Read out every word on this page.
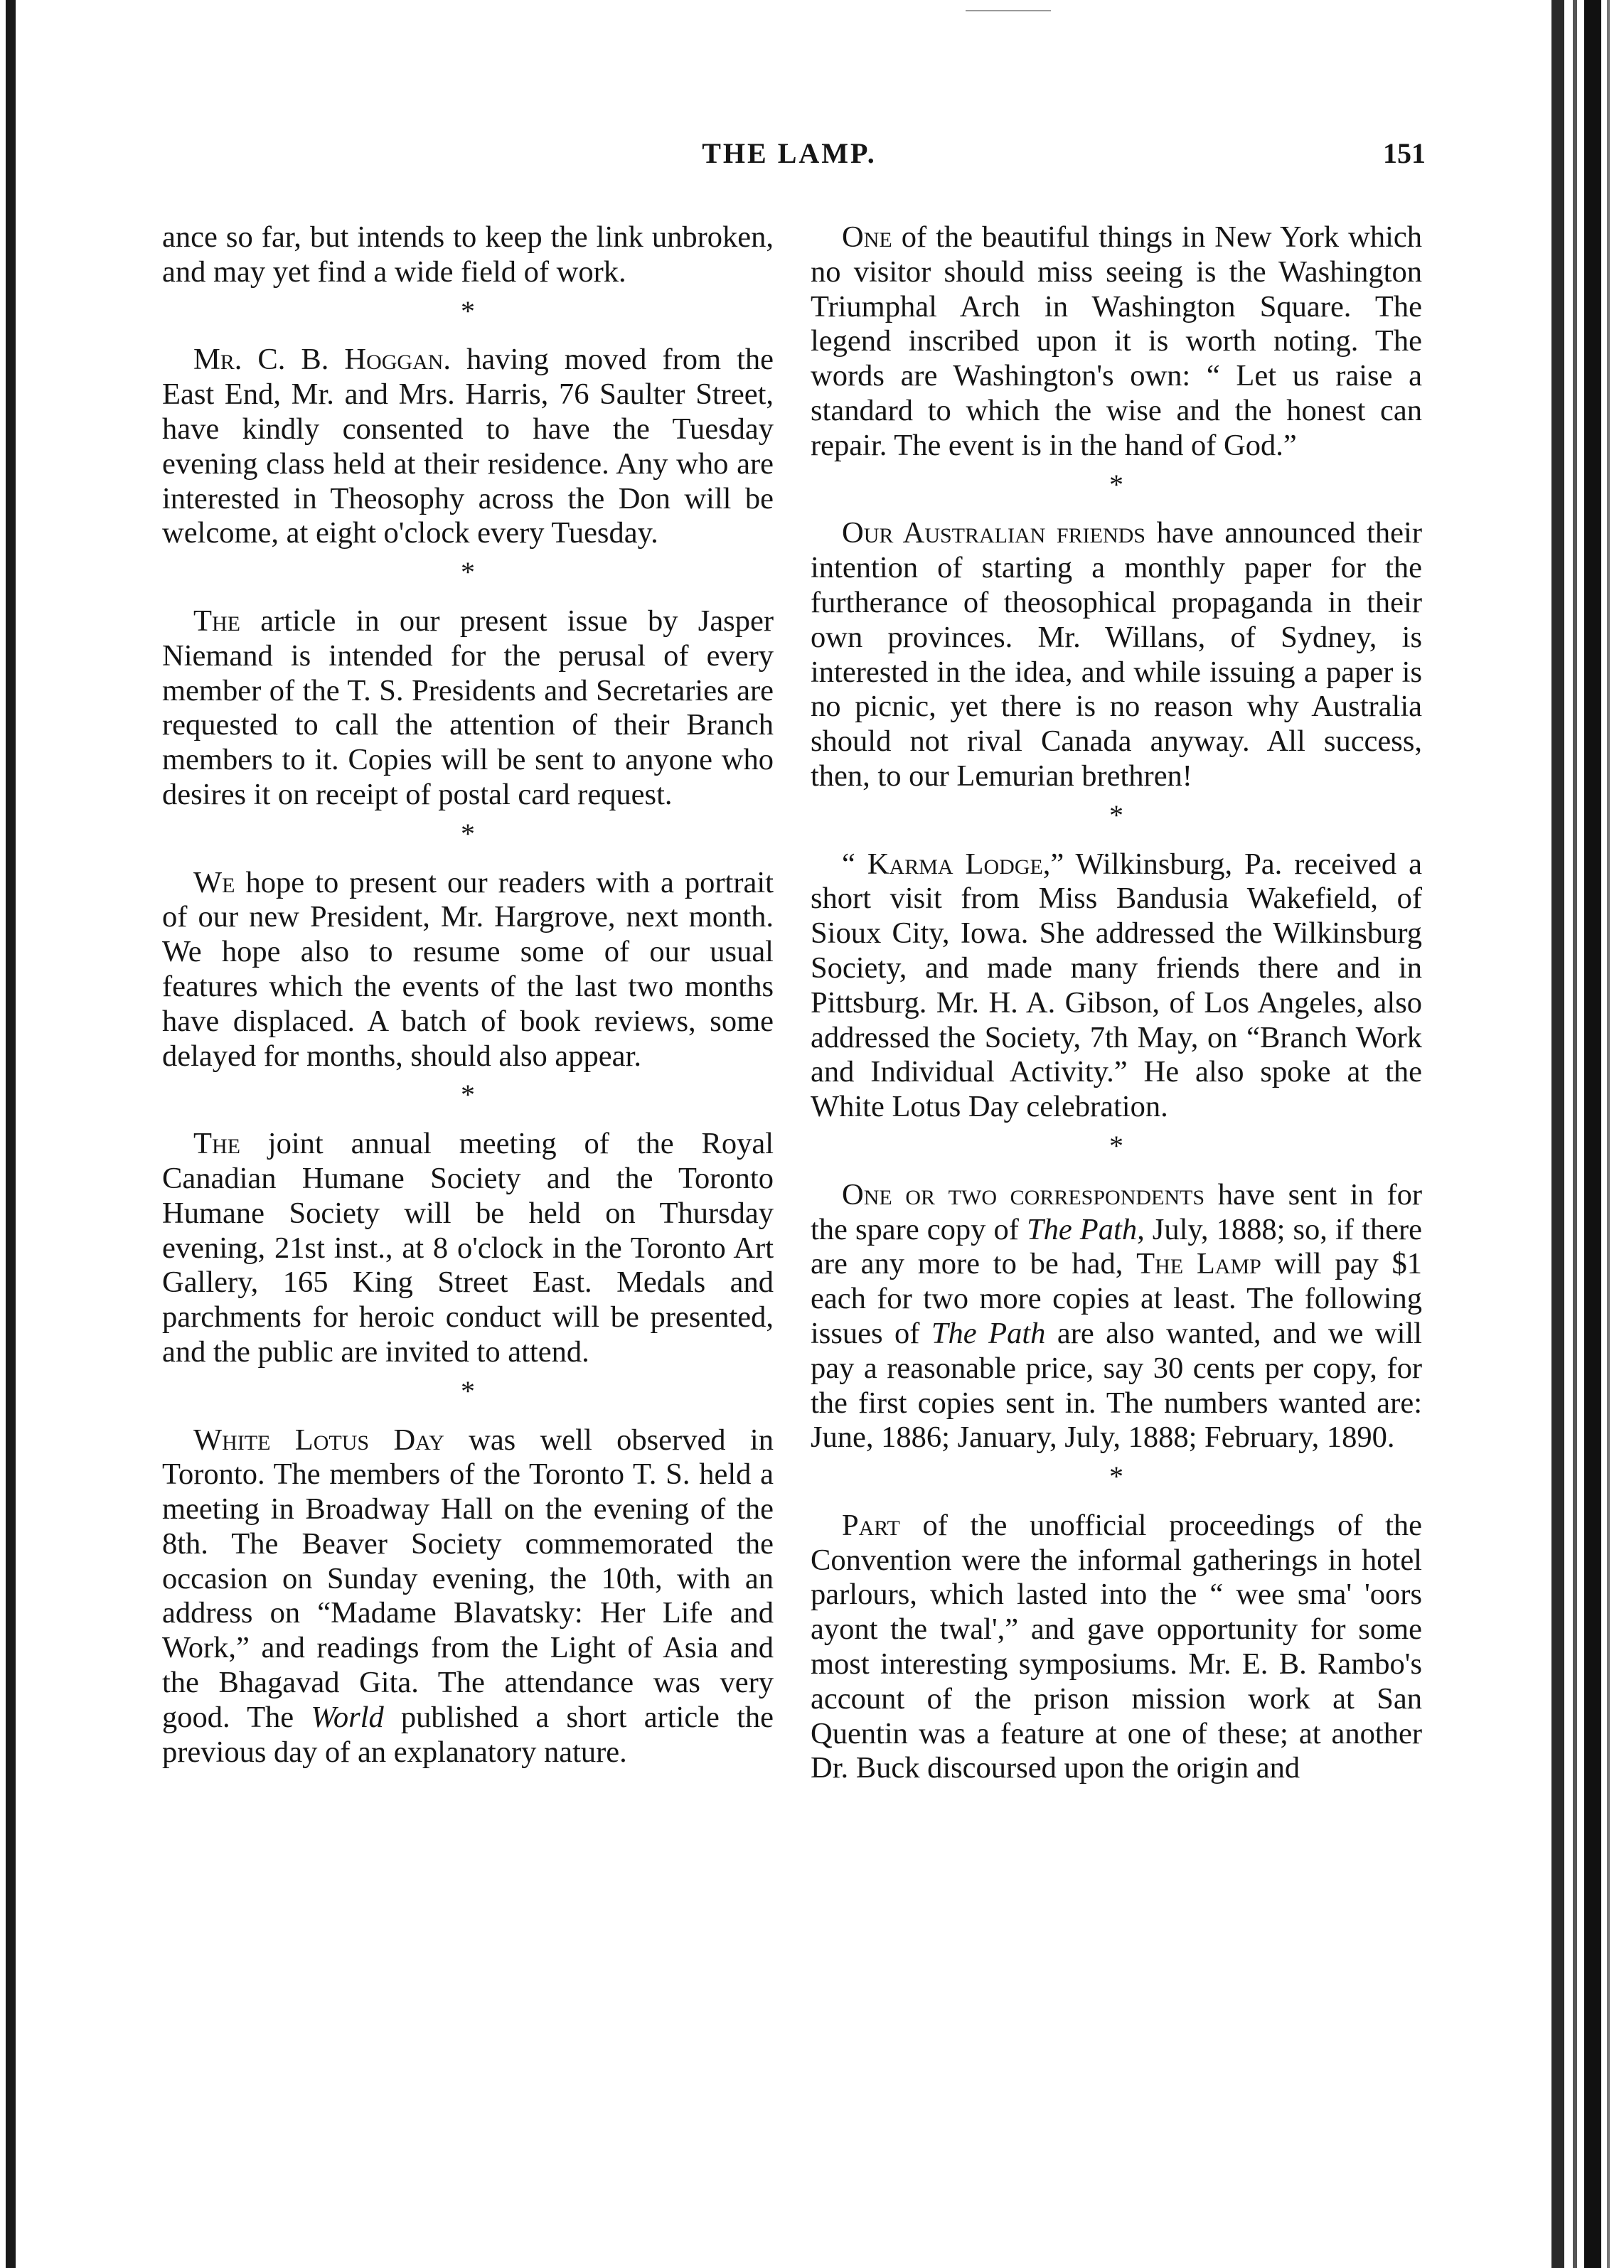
THE LAMP.	151

ance so far, but intends to keep the link unbroken, and may yet find a wide field of work.

*

Mr. C. B. Hoggan. having moved from the East End, Mr. and Mrs. Harris, 76 Saulter Street, have kindly consented to have the Tuesday evening class held at their residence. Any who are interested in Theosophy across the Don will be welcome, at eight o'clock every Tuesday.

*

The article in our present issue by Jasper Niemand is intended for the perusal of every member of the T. S. Presidents and Secretaries are requested to call the attention of their Branch members to it. Copies will be sent to anyone who desires it on receipt of postal card request.

*

We hope to present our readers with a portrait of our new President, Mr. Hargrove, next month. We hope also to resume some of our usual features which the events of the last two months have displaced. A batch of book reviews, some delayed for months, should also appear.

*

The joint annual meeting of the Royal Canadian Humane Society and the Toronto Humane Society will be held on Thursday evening, 21st inst., at 8 o'clock in the Toronto Art Gallery, 165 King Street East. Medals and parchments for heroic conduct will be presented, and the public are invited to attend.

*

White Lotus Day was well observed in Toronto. The members of the Toronto T. S. held a meeting in Broadway Hall on the evening of the 8th. The Beaver Society commemorated the occasion on Sunday evening, the 10th, with an address on “Madame Blavatsky: Her Life and Work,” and readings from the Light of Asia and the Bhagavad Gita. The attendance was very good. The World published a short article the previous day of an explanatory nature.

One of the beautiful things in New York which no visitor should miss seeing is the Washington Triumphal Arch in Washington Square. The legend inscribed upon it is worth noting. The words are Washington's own: “ Let us raise a standard to which the wise and the honest can repair. The event is in the hand of God.”

*

Our Australian friends have announced their intention of starting a monthly paper for the furtherance of theosophical propaganda in their own provinces. Mr. Willans, of Sydney, is interested in the idea, and while issuing a paper is no picnic, yet there is no reason why Australia should not rival Canada anyway. All success, then, to our Lemurian brethren!

*

“ Karma Lodge,” Wilkinsburg, Pa. received a short visit from Miss Bandusia Wakefield, of Sioux City, Iowa. She addressed the Wilkinsburg Society, and made many friends there and in Pittsburg. Mr. H. A. Gibson, of Los Angeles, also addressed the Society, 7th May, on “Branch Work and Individual Activity.” He also spoke at the White Lotus Day celebration.

*

One or two correspondents have sent in for the spare copy of The Path, July, 1888; so, if there are any more to be had, The Lamp will pay $1 each for two more copies at least. The following issues of The Path are also wanted, and we will pay a reasonable price, say 30 cents per copy, for the first copies sent in. The numbers wanted are: June, 1886; January, July, 1888; February, 1890.

*

Part of the unofficial proceedings of the Convention were the informal gatherings in hotel parlours, which lasted into the “ wee sma' 'oors ayont the twal',” and gave opportunity for some most interesting symposiums. Mr. E. B. Rambo's account of the prison mission work at San Quentin was a feature at one of these; at another Dr. Buck discoursed upon the origin and
